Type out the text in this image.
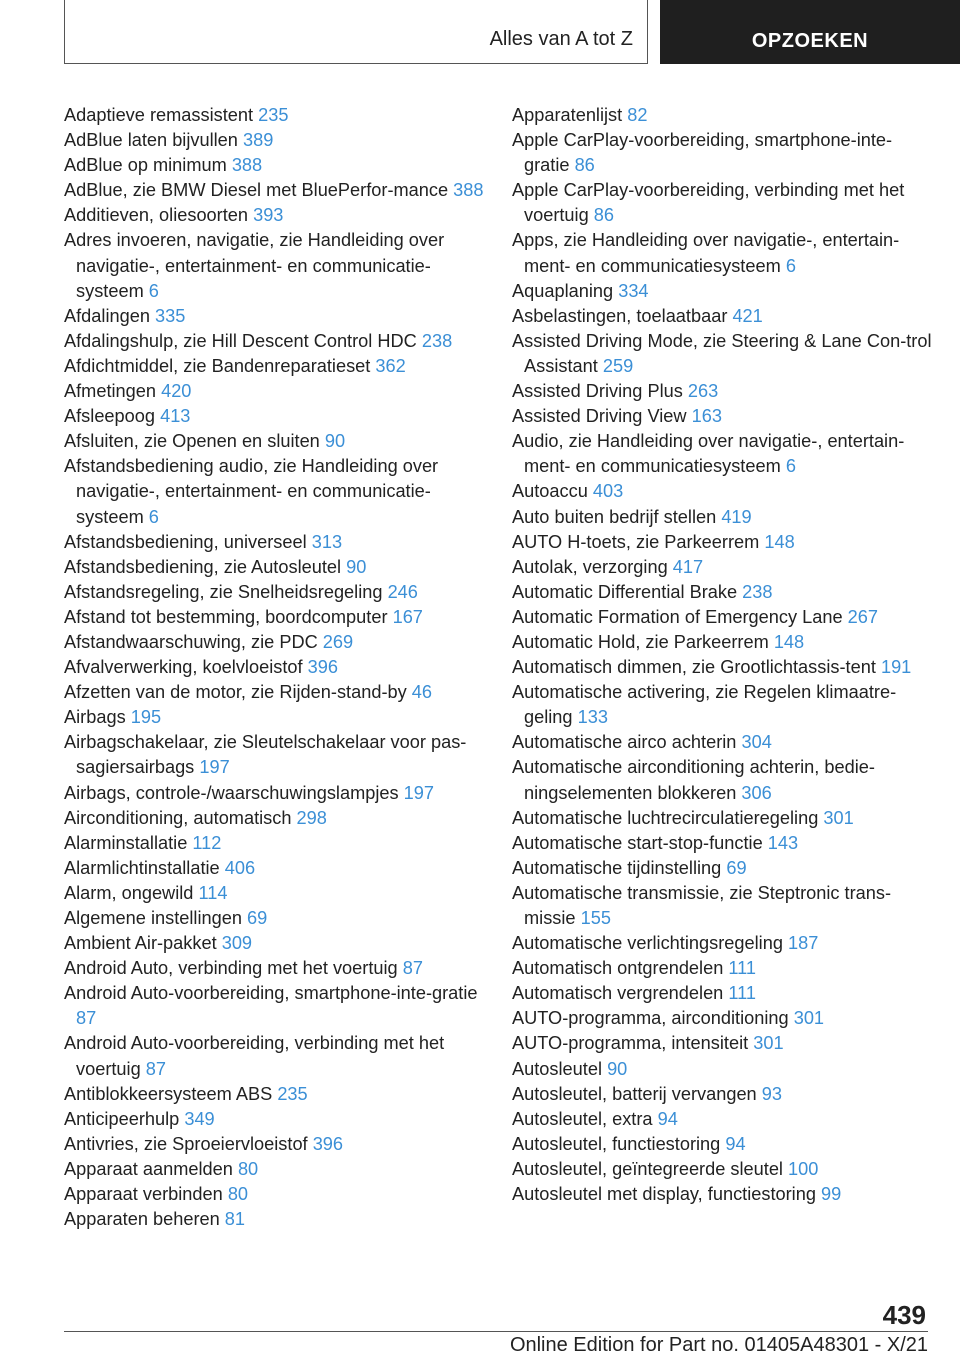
Alles van A tot Z	OPZOEKEN
Adaptieve remassistent 235
AdBlue laten bijvullen 389
AdBlue op minimum 388
AdBlue, zie BMW Diesel met BluePerfor‐mance 388
Additieven, oliesoorten 393
Adres invoeren, navigatie, zie Handleiding over navigatie-, entertainment- en communicatie‐systeem 6
Afdalingen 335
Afdalingshulp, zie Hill Descent Control HDC 238
Afdichtmiddel, zie Bandenreparatieset 362
Afmetingen 420
Afsleepoog 413
Afsluiten, zie Openen en sluiten 90
Afstandsbediening audio, zie Handleiding over navigatie-, entertainment- en communicatie‐systeem 6
Afstandsbediening, universeel 313
Afstandsbediening, zie Autosleutel 90
Afstandsregeling, zie Snelheidsregeling 246
Afstand tot bestemming, boordcomputer 167
Afstandwaarschuwing, zie PDC 269
Afvalverwerking, koelvloeistof 396
Afzetten van de motor, zie Rijden-stand-by 46
Airbags 195
Airbagschakelaar, zie Sleutelschakelaar voor pas‐sagiersairbags 197
Airbags, controle-/waarschuwingslampjes 197
Airconditioning, automatisch 298
Alarminstallatie 112
Alarmlichtinstallatie 406
Alarm, ongewild 114
Algemene instellingen 69
Ambient Air-pakket 309
Android Auto, verbinding met het voertuig 87
Android Auto-voorbereiding, smartphone-inte‐gratie 87
Android Auto-voorbereiding, verbinding met het voertuig 87
Antiblokkeersysteem ABS 235
Anticipeerhulp 349
Antivries, zie Sproeiervloeistof 396
Apparaat aanmelden 80
Apparaat verbinden 80
Apparaten beheren 81
Apparatenlijst 82
Apple CarPlay-voorbereiding, smartphone-inte‐gratie 86
Apple CarPlay-voorbereiding, verbinding met het voertuig 86
Apps, zie Handleiding over navigatie-, entertain‐ment- en communicatiesysteem 6
Aquaplaning 334
Asbelastingen, toelaatbaar 421
Assisted Driving Mode, zie Steering & Lane Con‐trol Assistant 259
Assisted Driving Plus 263
Assisted Driving View 163
Audio, zie Handleiding over navigatie-, entertain‐ment- en communicatiesysteem 6
Autoaccu 403
Auto buiten bedrijf stellen 419
AUTO H-toets, zie Parkeerrem 148
Autolak, verzorging 417
Automatic Differential Brake 238
Automatic Formation of Emergency Lane 267
Automatic Hold, zie Parkeerrem 148
Automatisch dimmen, zie Grootlichtassis‐tent 191
Automatische activering, zie Regelen klimaatre‐geling 133
Automatische airco achterin 304
Automatische airconditioning achterin, bedie‐ningselementen blokkeren 306
Automatische luchtrecirculatieregeling 301
Automatische start-stop-functie 143
Automatische tijdinstelling 69
Automatische transmissie, zie Steptronic trans‐missie 155
Automatische verlichtingsregeling 187
Automatisch ontgrendelen 111
Automatisch vergrendelen 111
AUTO-programma, airconditioning 301
AUTO-programma, intensiteit 301
Autosleutel 90
Autosleutel, batterij vervangen 93
Autosleutel, extra 94
Autosleutel, functiestoring 94
Autosleutel, geïntegreerde sleutel 100
Autosleutel met display, functiestoring 99
439
Online Edition for Part no. 01405A48301 - X/21
